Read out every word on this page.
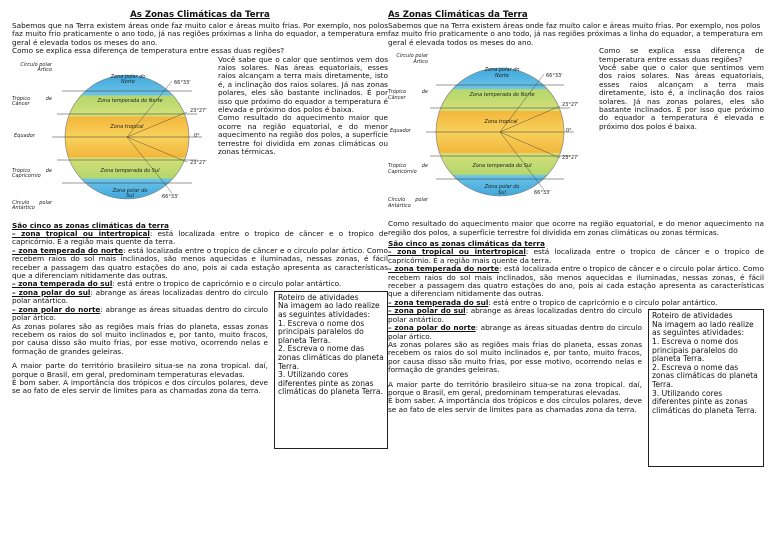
As Zonas Climáticas da Terra

Sabemos que na Terra existem áreas onde faz muito calor e áreas muito frias. Por exemplo, nos polos faz muito frio praticamente o ano todo, já nas regiões próximas a linha do equador, a temperatura em geral é elevada todos os meses do ano.

Como se explica essa diferença de temperatura entre essas duas regiões?

Círculo polar Ártico
Trópico de Câncer
Equador
Trópico de Capricórnio
Círculo polar Antártico
Zona polar do Norte
Zona temperada do Norte
Zona tropical
Zona temperada do Sul
Zona polar do Sul
66°33'
23°27'
0°
23°27'
66°33'

Você sabe que o calor que sentimos vem dos raios solares. Nas áreas equatoriais, esses raios alcançam a terra mais diretamente, isto é, a inclinação dos raios solares. Já nas zonas polares, eles são bastante inclinados. É por isso que próximo do equador a temperatura é elevada e próximo dos polos é baixa.

Como resultado do aquecimento maior que ocorre na região equatorial, e do menor aquecimento na região dos polos, a superfície terrestre foi dividida em zonas climáticas ou zonas térmicas.

São cinco as zonas climáticas da terra

– zona tropical ou intertropical: está localizada entre o tropico de câncer e o tropico de capricórnio. É a região mais quente da terra.

– zona temperada do norte: está localizada entre o tropico de câncer e o circulo polar ártico. Como recebem raios do sol mais inclinados, são menos aquecidas e iluminadas, nessas zonas, é fácil receber a passagem das quatro estações do ano, pois ai cada estação apresenta as características que a diferenciam nitidamente das outras.

– zona temperada do sul: está entre o tropico de capricórnio e o circulo polar antártico.

Roteiro de atividades
Na imagem ao lado realize as seguintes atividades:
1. Escreva o nome dos principais paralelos do planeta Terra.
2. Escreva o nome das zonas climáticas do planeta Terra.
3. Utilizando cores diferentes pinte as zonas climáticas do planeta Terra.

– zona polar do sul: abrange as áreas localizadas dentro do circulo polar antártico.

– zona polar do norte: abrange as áreas situadas dentro do circulo polar ártico.

As zonas polares são as regiões mais frias do planeta, essas zonas recebem os raios do sol muito inclinados e, por tanto, muito fracos, por causa disso são muito frias, por esse motivo, ocorrendo nelas e formação de grandes geleiras.

A maior parte do território brasileiro situa-se na zona tropical. daí, porque o Brasil, em geral, predominam temperaturas elevadas.

É bom saber. A importância dos trópicos e dos círculos polares, deve se ao fato de eles servir de limites para as chamadas zona da terra.

As Zonas Climáticas da Terra

Sabemos que na Terra existem áreas onde faz muito calor e áreas muito frias. Por exemplo, nos polos faz muito frio praticamente o ano todo, já nas regiões próximas a linha do equador, a temperatura em geral é elevada todos os meses do ano.

Círculo polar Ártico
Trópico de Câncer
Equador
Trópico de Capricórnio
Círculo polar Antártico
Zona polar do Norte
Zona temperada do Norte
Zona tropical
Zona temperada do Sul
Zona polar do Sul
66°33'
23°27'
0°
23°27'
66°33'

Como se explica essa diferença de temperatura entre essas duas regiões?

Você sabe que o calor que sentimos vem dos raios solares. Nas áreas equatoriais, esses raios alcançam a terra mais diretamente, isto é, a inclinação dos raios solares. Já nas zonas polares, eles são bastante inclinados. É por isso que próximo do equador a temperatura é elevada e próximo dos polos é baixa.

Como resultado do aquecimento maior que ocorre na região equatorial, e do menor aquecimento na região dos polos, a superfície terrestre foi dividida em zonas climáticas ou zonas térmicas.

São cinco as zonas climáticas da terra

– zona tropical ou intertropical: está localizada entre o tropico de câncer e o tropico de capricórnio. É a região mais quente da terra.

– zona temperada do norte: está localizada entre o tropico de câncer e o circulo polar ártico. Como recebem raios do sol mais inclinados, são menos aquecidas e iluminadas, nessas zonas, é fácil receber a passagem das quatro estações do ano, pois ai cada estação apresenta as características que a diferenciam nitidamente das outras.

– zona temperada do sul: está entre o tropico de capricórnio e o circulo polar antártico.

Roteiro de atividades
Na imagem ao lado realize as seguintes atividades:
1. Escreva o nome dos principais paralelos do planeta Terra.
2. Escreva o nome das zonas climáticas do planeta Terra.
3. Utilizando cores diferentes pinte as zonas climáticas do planeta Terra.

– zona polar do sul: abrange as áreas localizadas dentro do circulo polar antártico.

– zona polar do norte: abrange as áreas situadas dentro do circulo polar ártico.

As zonas polares são as regiões mais frias do planeta, essas zonas recebem os raios do sol muito inclinados e, por tanto, muito fracos, por causa disso são muito frias, por esse motivo, ocorrendo nelas e formação de grandes geleiras.

A maior parte do território brasileiro situa-se na zona tropical. daí, porque o Brasil, em geral, predominam temperaturas elevadas.

É bom saber. A importância dos trópicos e dos círculos polares, deve se ao fato de eles servir de limites para as chamadas zona da terra.
